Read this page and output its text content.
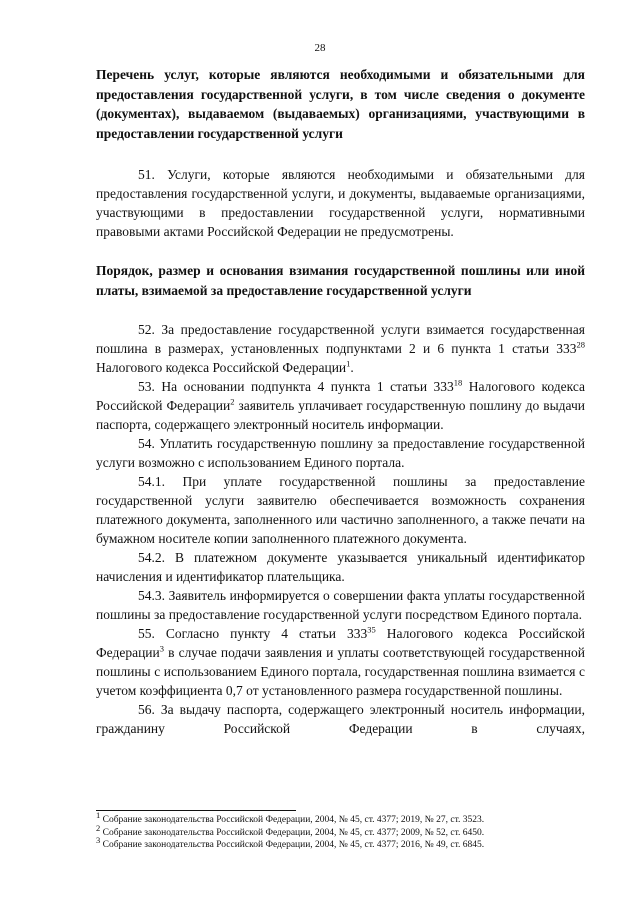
28

Перечень услуг, которые являются необходимыми и обязательными для предоставления государственной услуги, в том числе сведения о документе (документах), выдаваемом (выдаваемых) организациями, участвующими в предоставлении государственной услуги

51. Услуги, которые являются необходимыми и обязательными для предоставления государственной услуги, и документы, выдаваемые организациями, участвующими в предоставлении государственной услуги, нормативными правовыми актами Российской Федерации не предусмотрены.

Порядок, размер и основания взимания государственной пошлины или иной платы, взимаемой за предоставление государственной услуги

52. За предоставление государственной услуги взимается государственная пошлина в размерах, установленных подпунктами 2 и 6 пункта 1 статьи $333^{28}$ Налогового кодекса Российской Федерации$^1$.

53. На основании подпункта 4 пункта 1 статьи $333^{18}$ Налогового кодекса Российской Федерации$^2$ заявитель уплачивает государственную пошлину до выдачи паспорта, содержащего электронный носитель информации.

54. Уплатить государственную пошлину за предоставление государственной услуги возможно с использованием Единого портала.

54.1. При уплате государственной пошлины за предоставление государственной услуги заявителю обеспечивается возможность сохранения платежного документа, заполненного или частично заполненного, а также печати на бумажном носителе копии заполненного платежного документа.

54.2. В платежном документе указывается уникальный идентификатор начисления и идентификатор плательщика.

54.3. Заявитель информируется о совершении факта уплаты государственной пошлины за предоставление государственной услуги посредством Единого портала.

55. Согласно пункту 4 статьи $333^{35}$ Налогового кодекса Российской Федерации$^3$ в случае подачи заявления и уплаты соответствующей государственной пошлины с использованием Единого портала, государственная пошлина взимается с учетом коэффициента 0,7 от установленного размера государственной пошлины.

56. За выдачу паспорта, содержащего электронный носитель информации, гражданину Российской Федерации в случаях,

$^1$ Собрание законодательства Российской Федерации, 2004, № 45, ст. 4377; 2019, № 27, ст. 3523.

$^2$ Собрание законодательства Российской Федерации, 2004, № 45, ст. 4377; 2009, № 52, ст. 6450.

$^3$ Собрание законодательства Российской Федерации, 2004, № 45, ст. 4377; 2016, № 49, ст. 6845.
